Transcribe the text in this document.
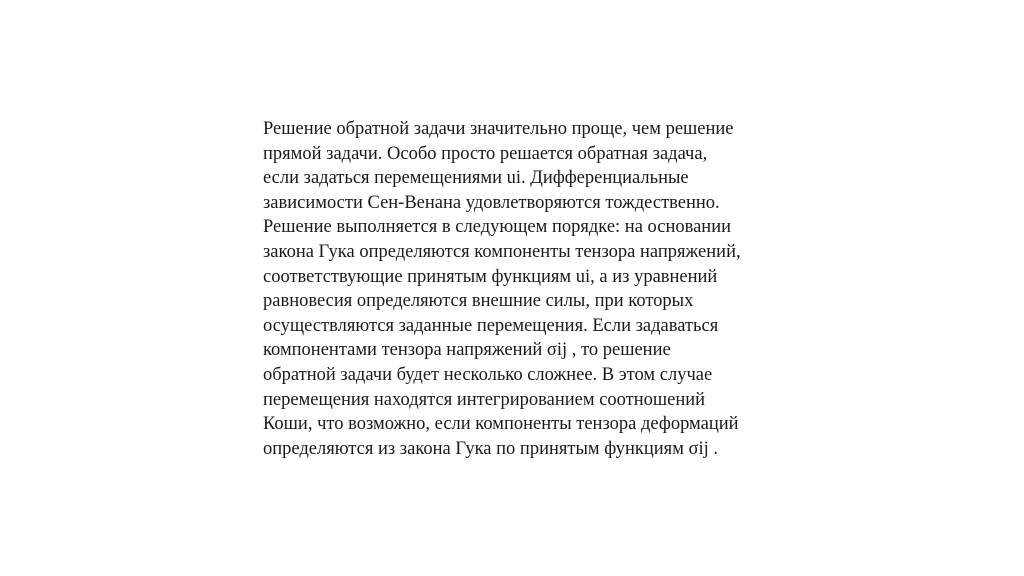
Решение обратной задачи значительно проще, чем решение
прямой задачи. Особо просто решается обратная задача,
если задаться перемещениями ui. Дифференциальные
зависимости Сен-Венана удовлетворяются тождественно.
Решение выполняется в следующем порядке: на основании
закона Гука определяются компоненты тензора напряжений,
соответствующие принятым функциям ui, а из уравнений
равновесия определяются внешние силы, при которых
осуществляются заданные перемещения. Если задаваться
компонентами тензора напряжений σij , то решение
обратной задачи будет несколько сложнее. В этом случае
перемещения находятся интегрированием соотношений
Коши, что возможно, если компоненты тензора деформаций
определяются из закона Гука по принятым функциям σij .
